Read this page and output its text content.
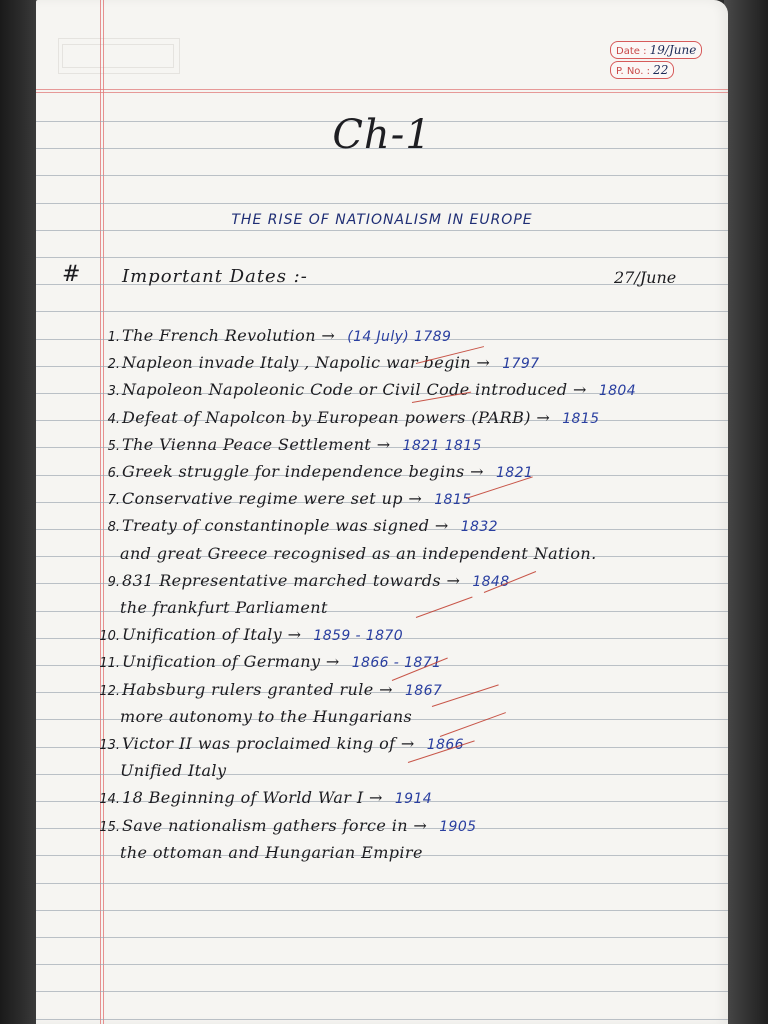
Date : 19/June
P. No. : 22
Ch-1
THE RISE OF NATIONALISM IN EUROPE
# Important Dates :-	27/June
1. The French Revolution → (14 July) 1789
2. Napleon invade Italy , Napolic war begin → 1797
3. Napoleon Napoleonic Code or Civil Code introduced → 1804
4. Defeat of Napolcon by European powers (PARB) → 1815
5. The Vienna Peace Settlement → 1821 1815
6. Greek struggle for independence begins → 1821
7. Conservative regime were set up → 1815
8. Treaty of constantinople was signed → 1832
and great Greece recognised as an independent Nation.
9. 831 Representative marched towards → 1848
the frankfurt Parliament
10. Unification of Italy → 1859 - 1870
11. Unification of Germany → 1866 - 1871
12. Habsburg rulers granted rule → 1867
more autonomy to the Hungarians
13. Victor II was proclaimed king of → 1866
Unified Italy
14. 18 Beginning of World War I → 1914
15. Save nationalism gathers force in → 1905
the ottoman and Hungarian Empire
